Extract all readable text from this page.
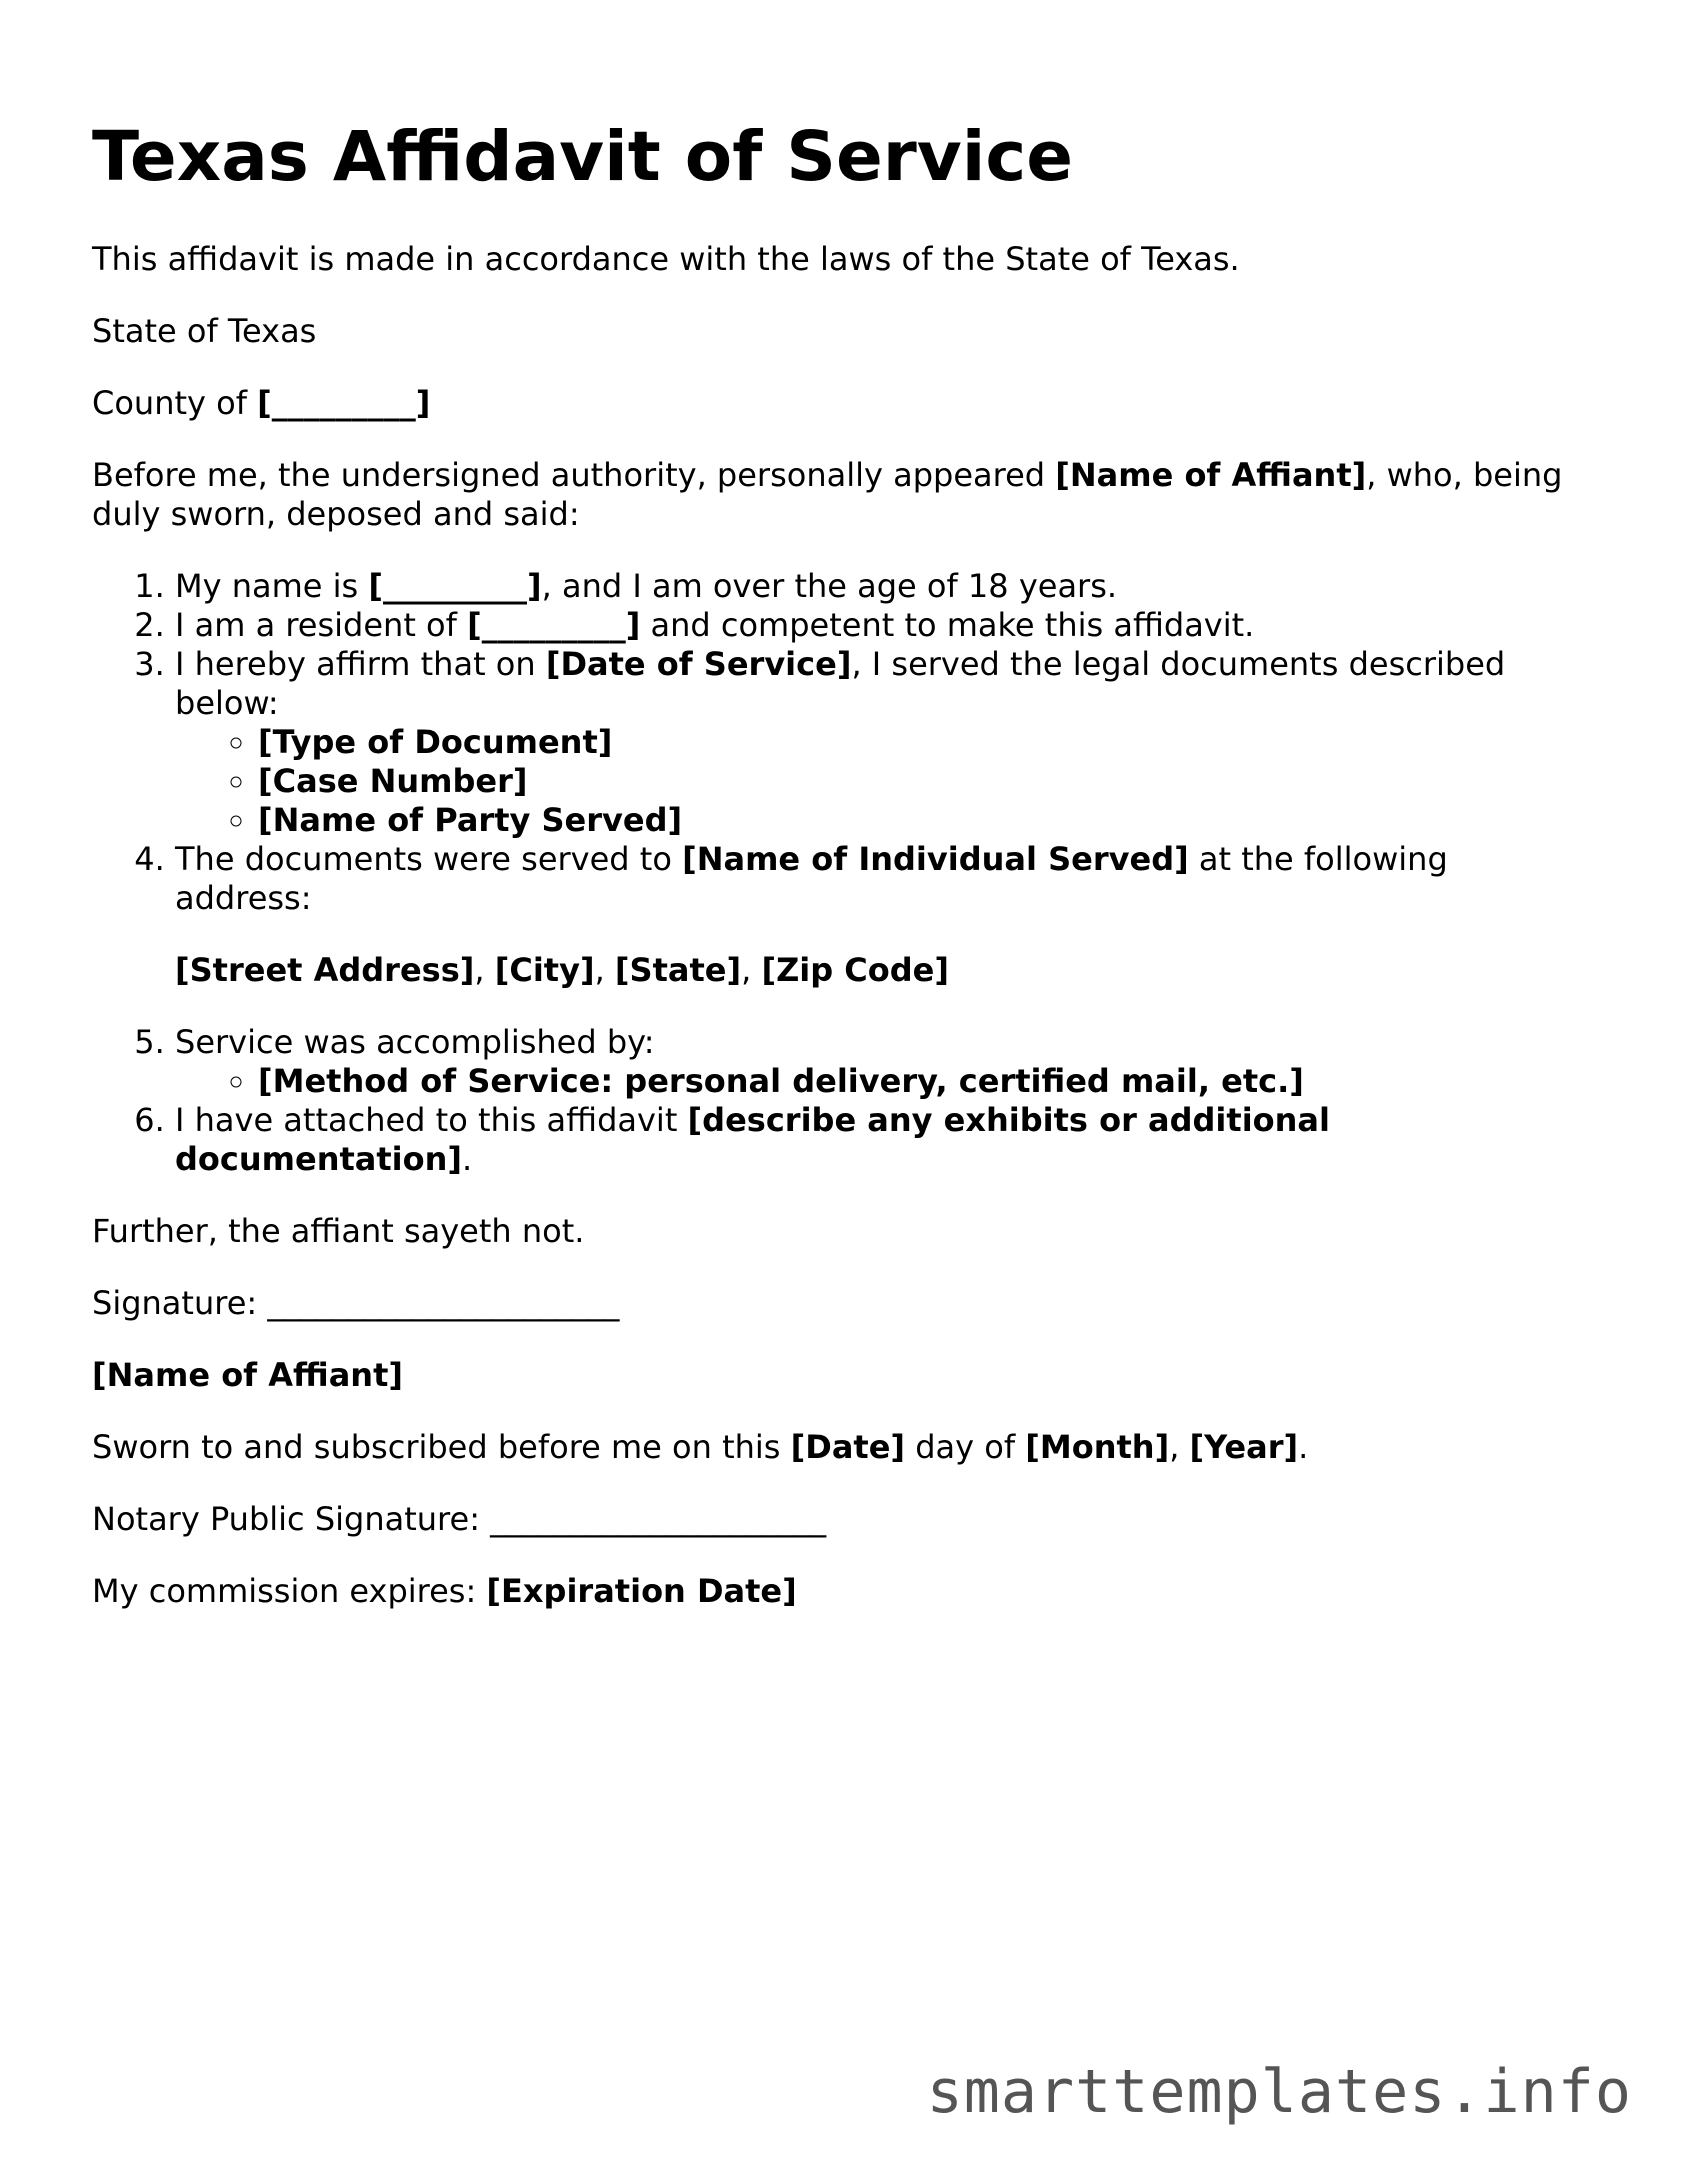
Texas Affidavit of Service

This affidavit is made in accordance with the laws of the State of Texas.

State of Texas

County of [_________]

Before me, the undersigned authority, personally appeared [Name of Affiant], who, being duly sworn, deposed and said:

1. My name is [_________], and I am over the age of 18 years.
2. I am a resident of [_________] and competent to make this affidavit.
3. I hereby affirm that on [Date of Service], I served the legal documents described below:
◦ [Type of Document]
◦ [Case Number]
◦ [Name of Party Served]
4. The documents were served to [Name of Individual Served] at the following address:

[Street Address], [City], [State], [Zip Code]

5. Service was accomplished by:
◦ [Method of Service: personal delivery, certified mail, etc.]
6. I have attached to this affidavit [describe any exhibits or additional documentation].

Further, the affiant sayeth not.

Signature: ______________________

[Name of Affiant]

Sworn to and subscribed before me on this [Date] day of [Month], [Year].

Notary Public Signature: _____________________

My commission expires: [Expiration Date]

smarttemplates.info
